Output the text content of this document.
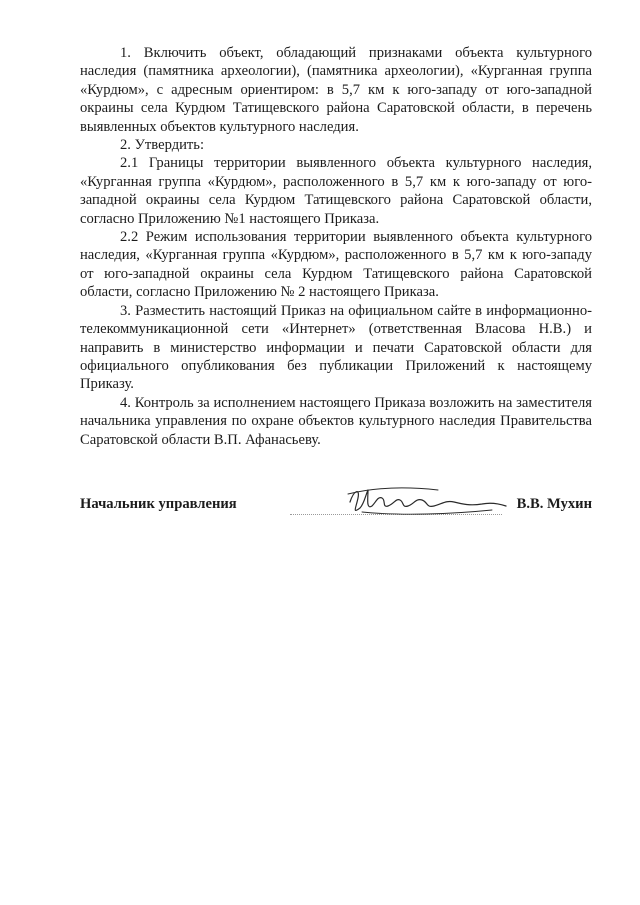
1. Включить объект, обладающий признаками объекта культурного наследия (памятника археологии), (памятника археологии), «Курганная группа «Курдюм», с адресным ориентиром: в 5,7 км к юго-западу от юго-западной окраины села Курдюм Татищевского района Саратовской области, в перечень выявленных объектов культурного наследия.

2. Утвердить:

2.1 Границы территории выявленного объекта культурного наследия, «Курганная группа «Курдюм», расположенного в 5,7 км к юго-западу от юго-западной окраины села Курдюм Татищевского района Саратовской области, согласно Приложению №1 настоящего Приказа.

2.2 Режим использования территории выявленного объекта культурного наследия, «Курганная группа «Курдюм», расположенного в 5,7 км к юго-западу от юго-западной окраины села Курдюм Татищевского района Саратовской области, согласно Приложению № 2 настоящего Приказа.

3. Разместить настоящий Приказ на официальном сайте в информационно-телекоммуникационной сети «Интернет» (ответственная Власова Н.В.) и направить в министерство информации и печати Саратовской области для официального опубликования без публикации Приложений к настоящему Приказу.

4. Контроль за исполнением настоящего Приказа возложить на заместителя начальника управления по охране объектов культурного наследия Правительства Саратовской области В.П. Афанасьеву.

Начальник управления	В.В. Мухин
